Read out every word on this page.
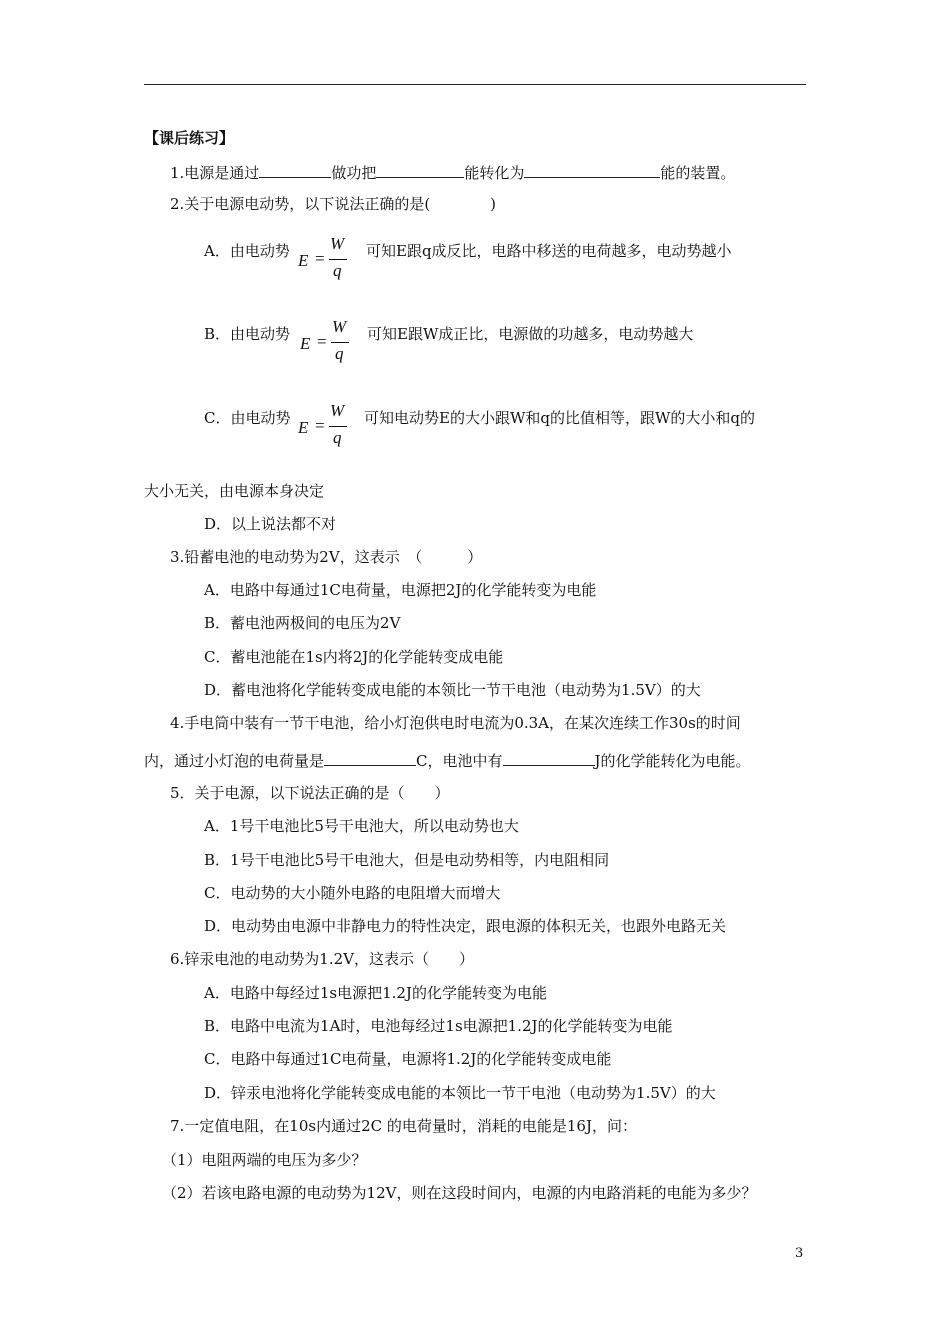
【课后练习】
1.电源是通过	做功把	能转化为	能的装置。
2.关于电源电动势，以下说法正确的是(　　　　)
A．由电动势 E =
W
q
可知E跟q成反比，电路中移送的电荷越多，电动势越小
B．由电动势 E =
W
q
可知E跟W成正比，电源做的功越多，电动势越大
C．由电动势 E =
W
q
可知电动势E的大小跟W和q的比值相等，跟W的大小和q的
大小无关，由电源本身决定
D．以上说法都不对
3.铅蓄电池的电动势为2V，这表示　（　　　）
A．电路中每通过1C电荷量，电源把2J的化学能转变为电能
B．蓄电池两极间的电压为2V
C．蓄电池能在1s内将2J的化学能转变成电能
D．蓄电池将化学能转变成电能的本领比一节干电池（电动势为1.5V）的大
4.手电筒中装有一节干电池，给小灯泡供电时电流为0.3A，在某次连续工作30s的时间
内，通过小灯泡的电荷量是	C，电池中有	J的化学能转化为电能。
5．关于电源，以下说法正确的是（　　）
A．1号干电池比5号干电池大，所以电动势也大
B．1号干电池比5号干电池大，但是电动势相等，内电阻相同
C．电动势的大小随外电路的电阻增大而增大
D．电动势由电源中非静电力的特性决定，跟电源的体积无关，也跟外电路无关
6.锌汞电池的电动势为1.2V，这表示（　　）
A．电路中每经过1s电源把1.2J的化学能转变为电能
B．电路中电流为1A时，电池每经过1s电源把1.2J的化学能转变为电能
C．电路中每通过1C电荷量，电源将1.2J的化学能转变成电能
D．锌汞电池将化学能转变成电能的本领比一节干电池（电动势为1.5V）的大
7.一定值电阻，在10s内通过2C 的电荷量时，消耗的电能是16J，问：
（1）电阻两端的电压为多少？
（2）若该电路电源的电动势为12V，则在这段时间内，电源的内电路消耗的电能为多少？
3
